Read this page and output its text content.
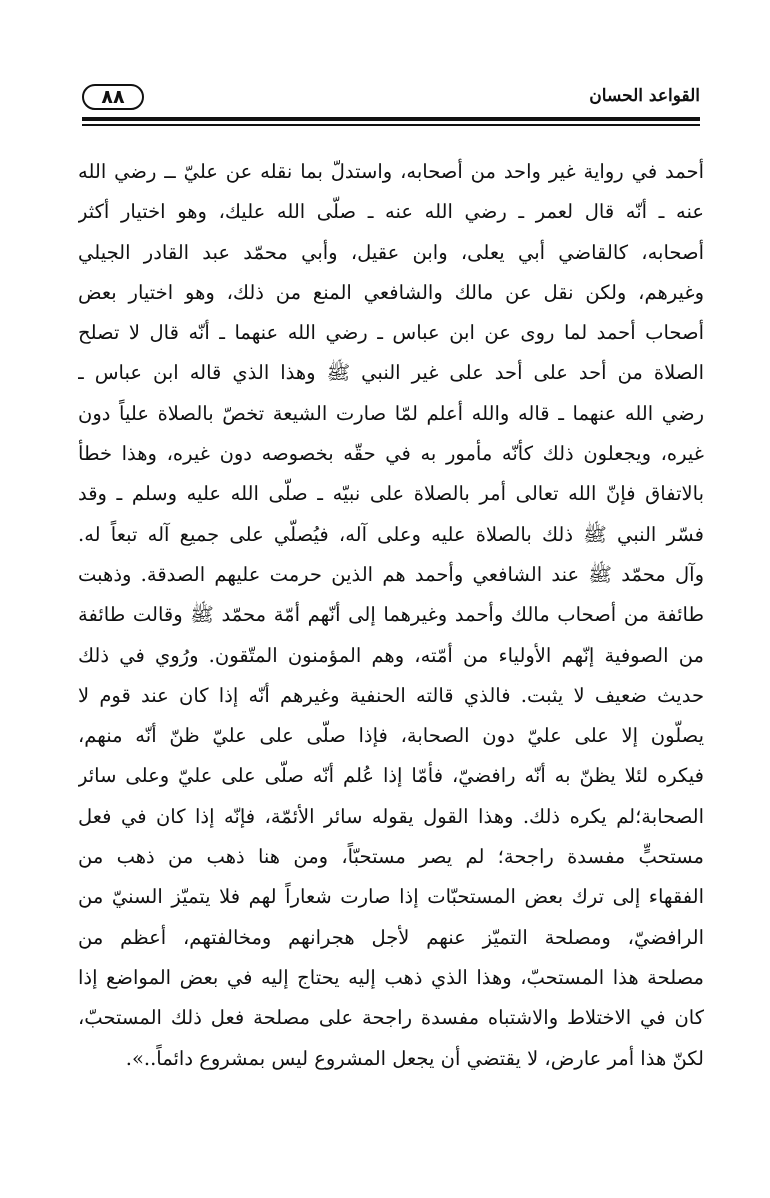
٨٨	القواعد الحسان
أحمد في رواية غير واحد من أصحابه، واستدلّ بما نقله عن عليّ ــ رضي الله
عنه ـ أنّه قال لعمر ـ رضي الله عنه ـ صلّى الله عليك، وهو اختيار أكثر
أصحابه، كالقاضي أبي يعلى، وابن عقيل، وأبي محمّد عبد القادر الجيلي
وغيرهم، ولكن نقل عن مالك والشافعي المنع من ذلك، وهو اختيار بعض
أصحاب أحمد لما روى عن ابن عباس ـ رضي الله عنهما ـ أنّه قال لا تصلح
الصلاة من أحد على أحد على غير النبي ﷺ وهذا الذي قاله ابن عباس ـ
رضي الله عنهما ـ قاله والله أعلم لمّا صارت الشيعة تخصّ بالصلاة علياً دون
غيره، ويجعلون ذلك كأنّه مأمور به في حقّه بخصوصه دون غيره، وهذا خطأ
بالاتفاق فإنّ الله تعالى أمر بالصلاة على نبيّه ـ صلّى الله عليه وسلم ـ وقد
فسّر النبي ﷺ ذلك بالصلاة عليه وعلى آله، فيُصلّي على جميع آله تبعاً له.
وآل محمّد ﷺ عند الشافعي وأحمد هم الذين حرمت عليهم الصدقة. وذهبت
طائفة من أصحاب مالك وأحمد وغيرهما إلى أنّهم أمّة محمّد ﷺ وقالت طائفة
من الصوفية إنّهم الأولياء من أمّته، وهم المؤمنون المتّقون. ورُوي في ذلك
حديث ضعيف لا يثبت. فالذي قالته الحنفية وغيرهم أنّه إذا كان عند قوم لا
يصلّون إلا على عليّ دون الصحابة، فإذا صلّى على عليّ ظنّ أنّه منهم،
فيكره لئلا يظنّ به أنّه رافضيّ، فأمّا إذا عُلم أنّه صلّى على عليّ وعلى سائر
الصحابة؛لم يكره ذلك. وهذا القول يقوله سائر الأئمّة، فإنّه إذا كان في فعل
مستحبٍّ مفسدة راجحة؛ لم يصر مستحبّاً، ومن هنا ذهب من ذهب من
الفقهاء إلى ترك بعض المستحبّات إذا صارت شعاراً لهم فلا يتميّز السنيّ من
الرافضيّ، ومصلحة التميّز عنهم لأجل هجرانهم ومخالفتهم، أعظم من
مصلحة هذا المستحبّ، وهذا الذي ذهب إليه يحتاج إليه في بعض المواضع إذا
كان في الاختلاط والاشتباه مفسدة راجحة على مصلحة فعل ذلك المستحبّ،
لكنّ هذا أمر عارض، لا يقتضي أن يجعل المشروع ليس بمشروع دائماً..».
